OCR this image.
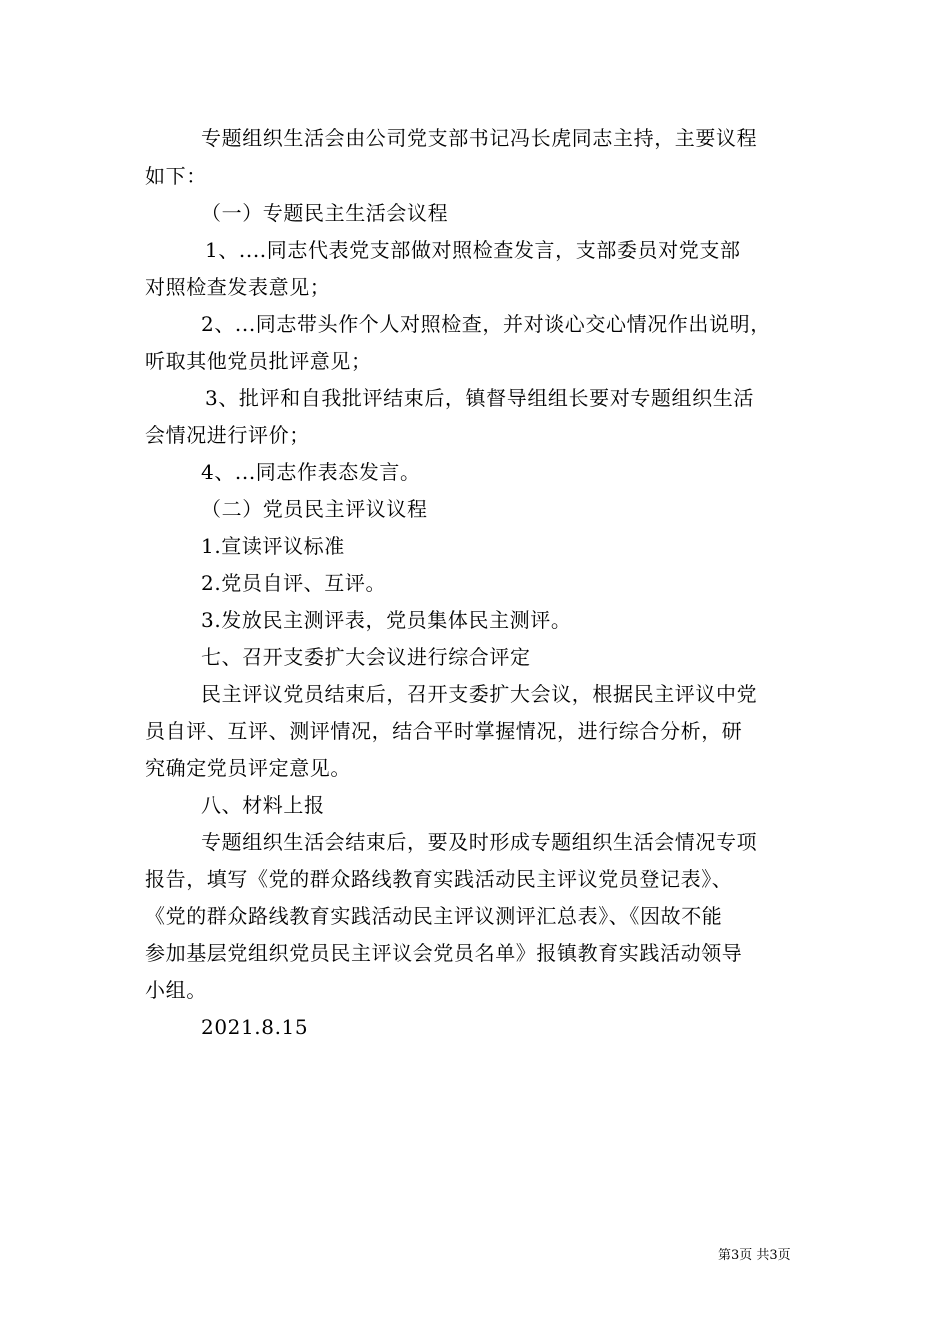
专题组织生活会由公司党支部书记冯长虎同志主持，主要议程
如下：
（一）专题民主生活会议程
1、....同志代表党支部做对照检查发言，支部委员对党支部
对照检查发表意见；
2、...同志带头作个人对照检查，并对谈心交心情况作出说明，
听取其他党员批评意见；
3、批评和自我批评结束后，镇督导组组长要对专题组织生活
会情况进行评价；
4、...同志作表态发言。
（二）党员民主评议议程
1.宣读评议标准
2.党员自评、互评。
3.发放民主测评表，党员集体民主测评。
七、召开支委扩大会议进行综合评定
民主评议党员结束后，召开支委扩大会议，根据民主评议中党
员自评、互评、测评情况，结合平时掌握情况，进行综合分析，研
究确定党员评定意见。
八、材料上报
专题组织生活会结束后，要及时形成专题组织生活会情况专项
报告，填写《党的群众路线教育实践活动民主评议党员登记表》、
《党的群众路线教育实践活动民主评议测评汇总表》、《因故不能
参加基层党组织党员民主评议会党员名单》报镇教育实践活动领导
小组。
2021.8.15
第3页 共3页
